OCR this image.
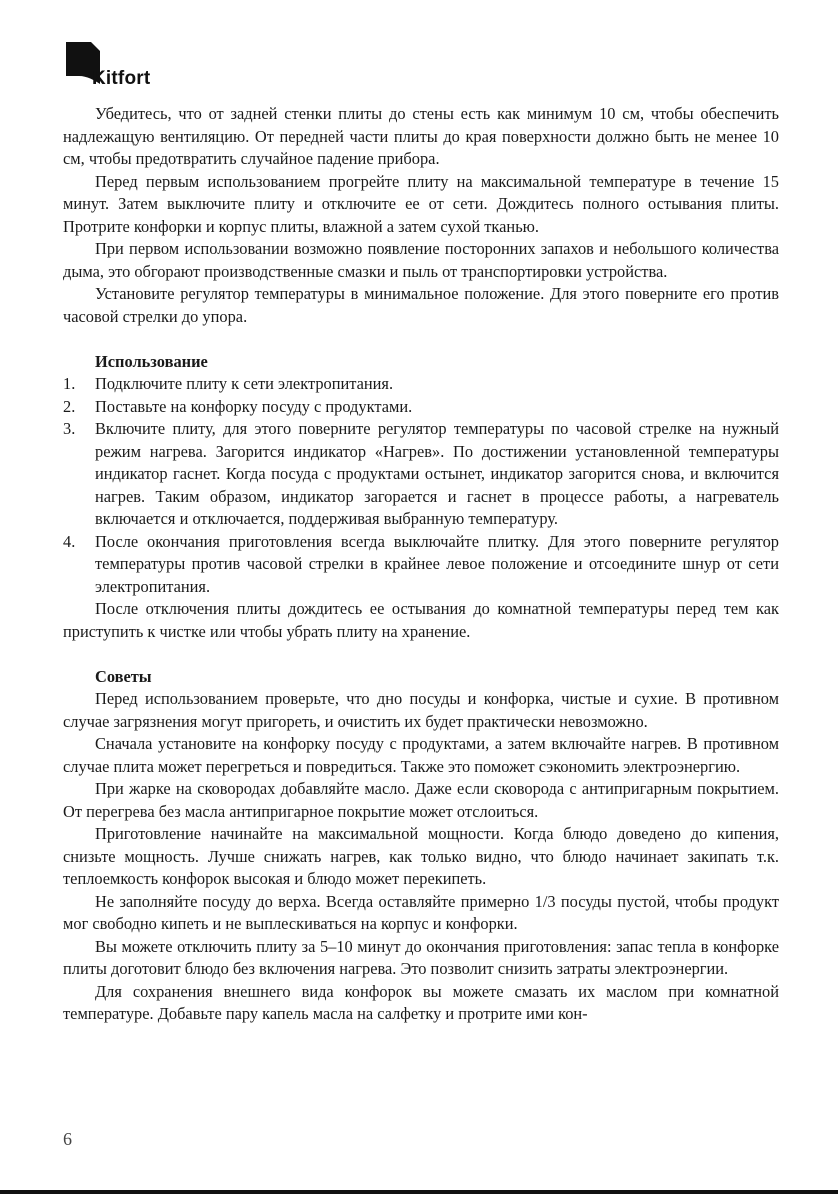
Kitfort

Убедитесь, что от задней стенки плиты до стены есть как минимум 10 см, чтобы обеспечить надлежащую вентиляцию. От передней части плиты до края поверхности должно быть не менее 10 см, чтобы предотвратить случайное падение прибора.

Перед первым использованием прогрейте плиту на максимальной температуре в течение 15 минут. Затем выключите плиту и отключите ее от сети. Дождитесь полного остывания плиты. Протрите конфорки и корпус плиты, влажной а затем сухой тканью.

При первом использовании возможно появление посторонних запахов и небольшого количества дыма, это обгорают производственные смазки и пыль от транспортировки устройства.

Установите регулятор температуры в минимальное положение. Для этого поверните его против часовой стрелки до упора.

Использование

1. Подключите плиту к сети электропитания.
2. Поставьте на конфорку посуду с продуктами.
3. Включите плиту, для этого поверните регулятор температуры по часовой стрелке на нужный режим нагрева. Загорится индикатор «Нагрев». По достижении установленной температуры индикатор гаснет. Когда посуда с продуктами остынет, индикатор загорится снова, и включится нагрев. Таким образом, индикатор загорается и гаснет в процессе работы, а нагреватель включается и отключается, поддерживая выбранную температуру.
4. После окончания приготовления всегда выключайте плитку. Для этого поверните регулятор температуры против часовой стрелки в крайнее левое положение и отсоедините шнур от сети электропитания.

После отключения плиты дождитесь ее остывания до комнатной температуры перед тем как приступить к чистке или чтобы убрать плиту на хранение.

Советы

Перед использованием проверьте, что дно посуды и конфорка, чистые и сухие. В противном случае загрязнения могут пригореть, и очистить их будет практически невозможно.

Сначала установите на конфорку посуду с продуктами, а затем включайте нагрев. В противном случае плита может перегреться и повредиться. Также это поможет сэкономить электроэнергию.

При жарке на сковородах добавляйте масло. Даже если сковорода с антипригарным покрытием. От перегрева без масла антипригарное покрытие может отслоиться.

Приготовление начинайте на максимальной мощности. Когда блюдо доведено до кипения, снизьте мощность. Лучше снижать нагрев, как только видно, что блюдо начинает закипать т.к. теплоемкость конфорок высокая и блюдо может перекипеть.

Не заполняйте посуду до верха. Всегда оставляйте примерно 1/3 посуды пустой, чтобы продукт мог свободно кипеть и не выплескиваться на корпус и конфорки.

Вы можете отключить плиту за 5–10 минут до окончания приготовления: запас тепла в конфорке плиты доготовит блюдо без включения нагрева. Это позволит снизить затраты электроэнергии.

Для сохранения внешнего вида конфорок вы можете смазать их маслом при комнатной температуре. Добавьте пару капель масла на салфетку и протрите ими кон-

6
